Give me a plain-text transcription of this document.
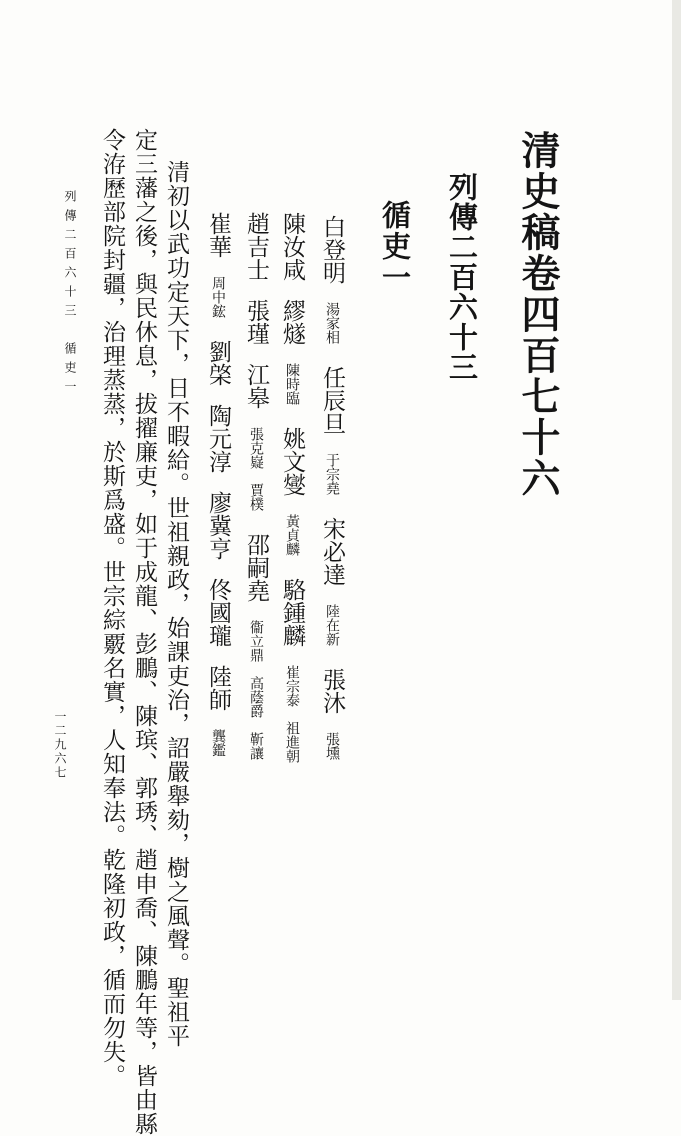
清史稿卷四百七十六
列傳二百六十三
循吏一
白登明　湯家相任辰旦　于宗堯宋必達　陸在新張沐　張壎
陳汝咸繆燧　陳時臨姚文燮　黃貞麟駱鍾麟　崔宗泰　祖進朝
趙吉士張瑾江皋　張克嶷　賈樸邵嗣堯　衞立鼎　高蔭爵　靳讓
崔華　周中鋐劉棨陶元淳廖冀亨佟國瓏陸師　龔鑑
清初以武功定天下，日不暇給。世祖親政，始課吏治，詔嚴舉劾，樹之風聲。聖祖平
定三藩之後，與民休息，拔擢廉吏，如于成龍、彭鵬、陳瑸、郭琇、趙申喬、陳鵬年等，皆由縣
令洊歷部院封疆，治理蒸蒸，於斯爲盛。世宗綜覈名實，人知奉法。乾隆初政，循而勿失。
列傳二百六十三　循吏一
一二九六七
